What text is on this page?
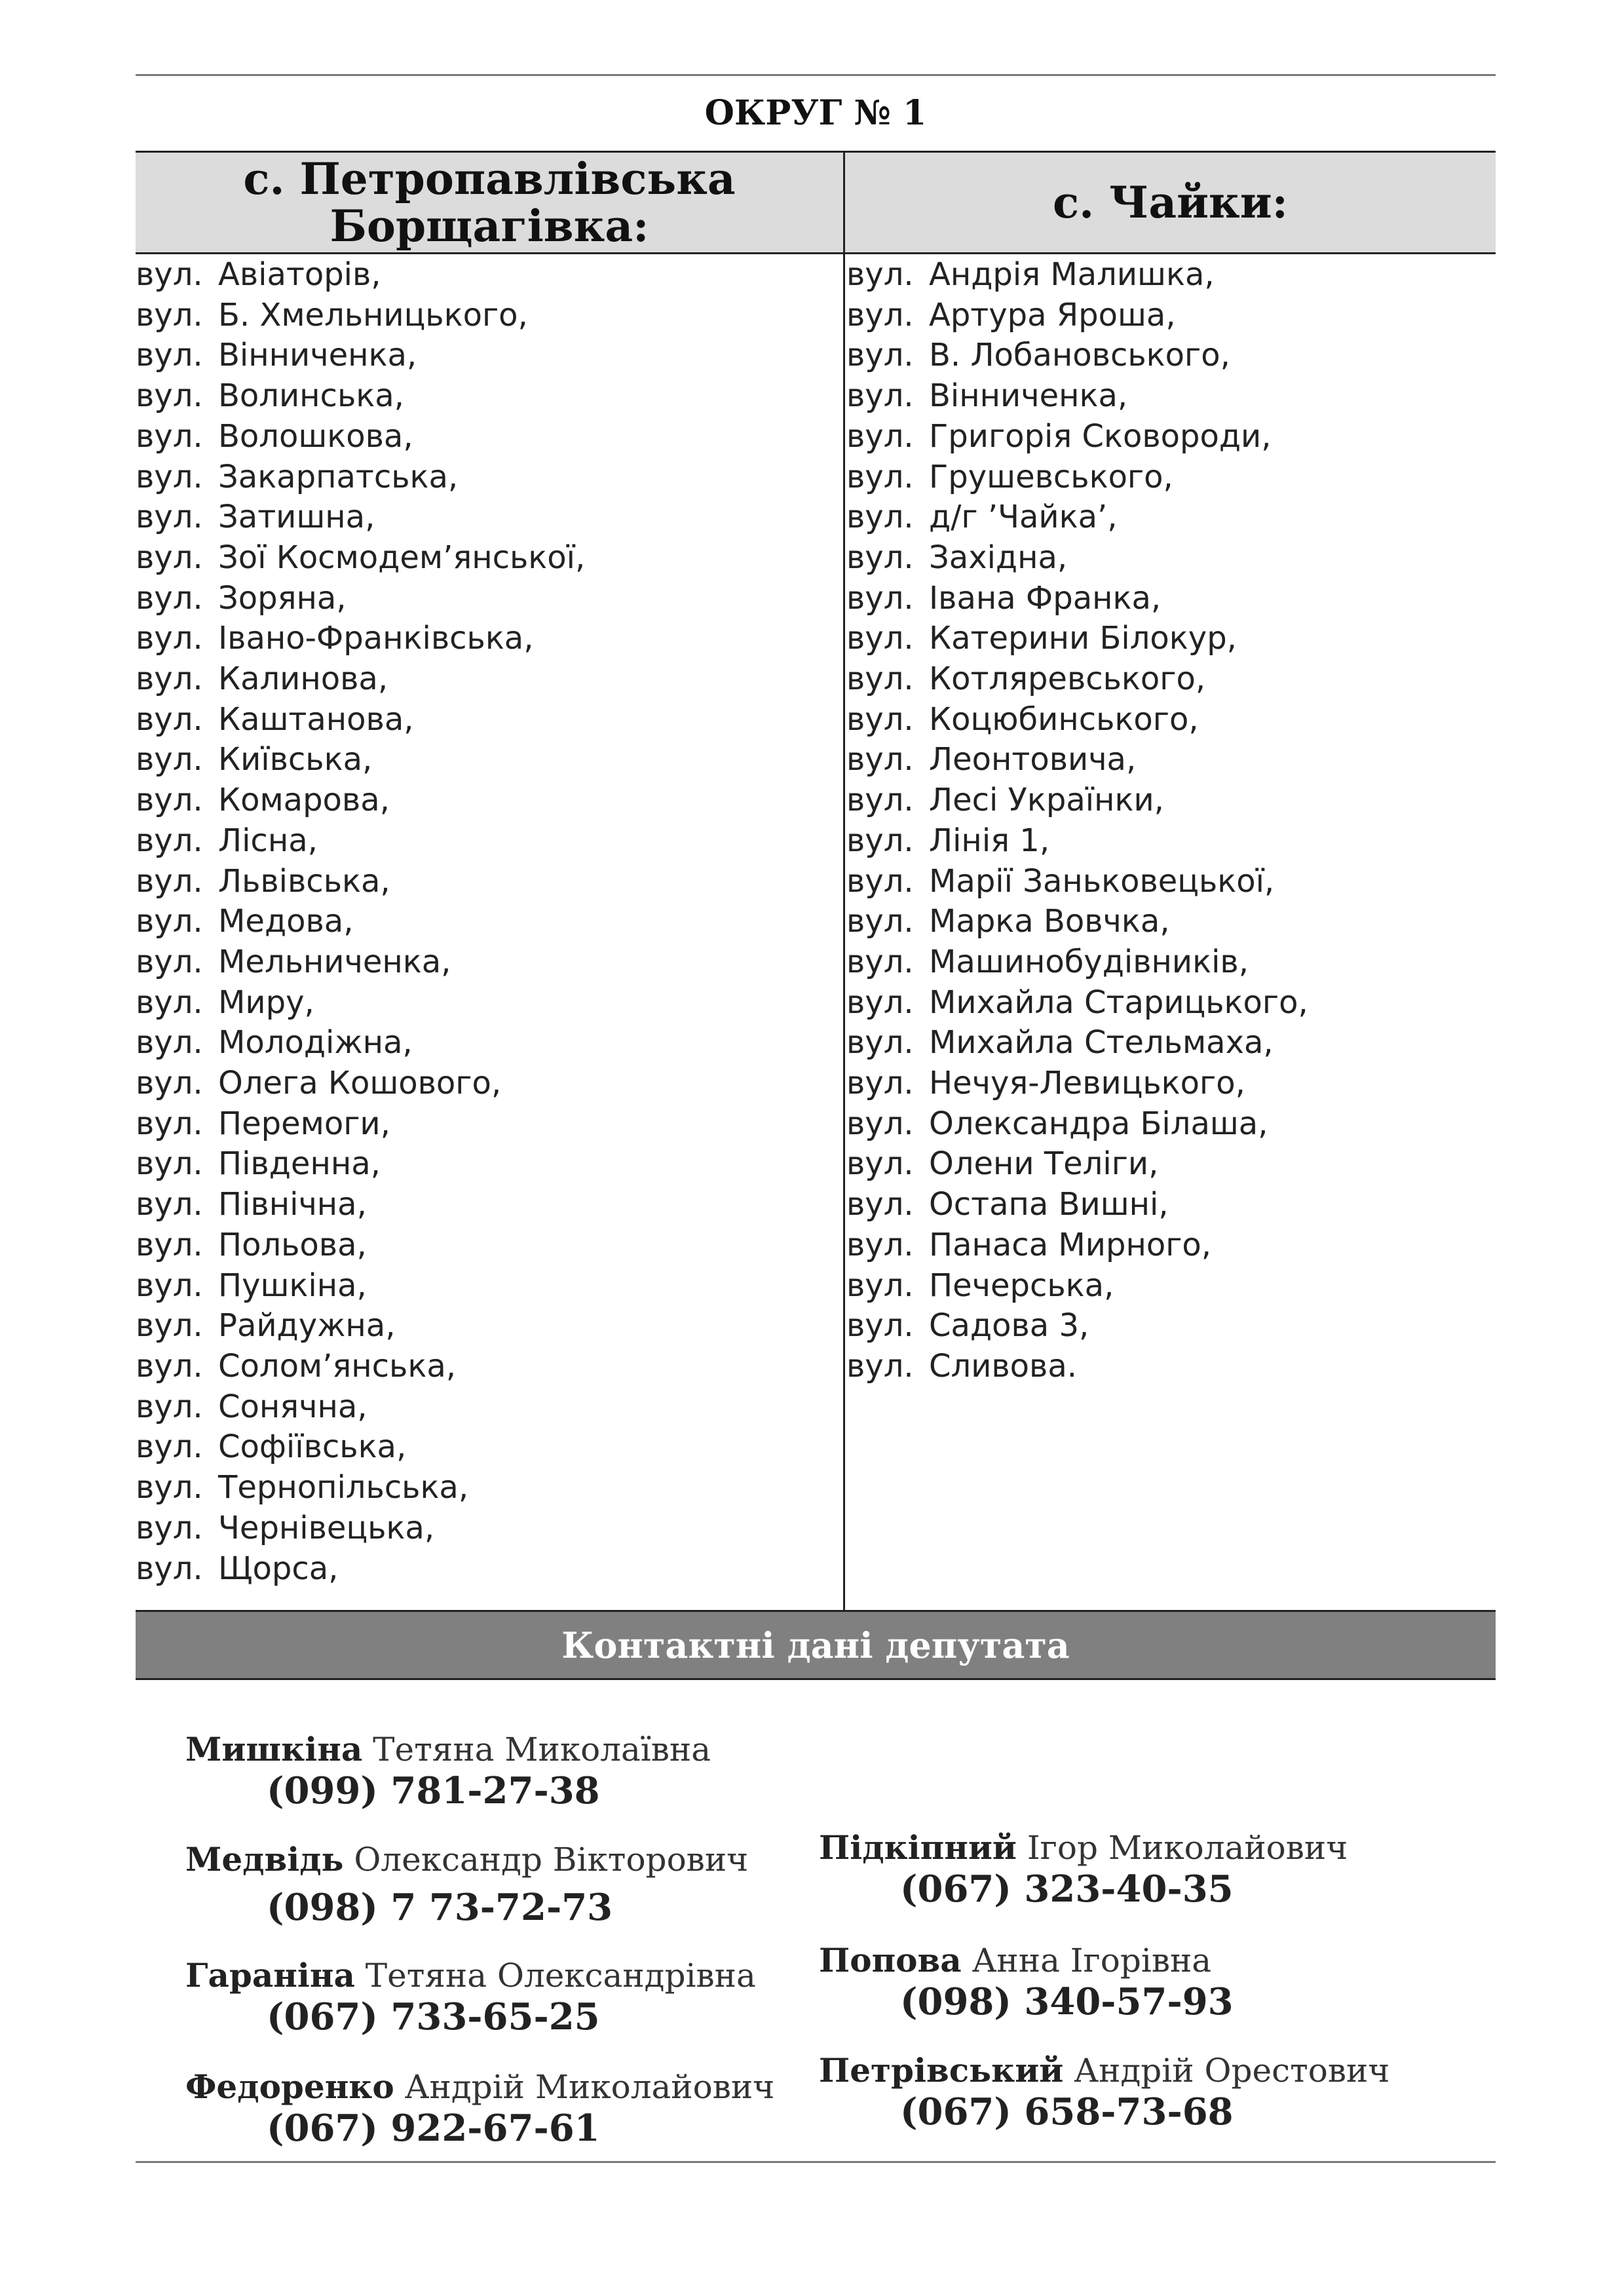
ОКРУГ № 1
с. Петропавлівська Борщагівка:	с. Чайки:
вул. Авіаторів,
вул. Б. Хмельницького,
вул. Вінниченка,
вул. Волинська,
вул. Волошкова,
вул. Закарпатська,
вул. Затишна,
вул. Зої Космодем’янської,
вул. Зоряна,
вул. Івано-Франківська,
вул. Калинова,
вул. Каштанова,
вул. Київська,
вул. Комарова,
вул. Лісна,
вул. Львівська,
вул. Медова,
вул. Мельниченка,
вул. Миру,
вул. Молодіжна,
вул. Олега Кошового,
вул. Перемоги,
вул. Південна,
вул. Північна,
вул. Польова,
вул. Пушкіна,
вул. Райдужна,
вул. Солом’янська,
вул. Сонячна,
вул. Софіївська,
вул. Тернопільська,
вул. Чернівецька,
вул. Щорса,
вул. Андрія Малишка,
вул. Артура Яроша,
вул. В. Лобановського,
вул. Вінниченка,
вул. Григорія Сковороди,
вул. Грушевського,
вул. д/г ’Чайка’,
вул. Західна,
вул. Івана Франка,
вул. Катерини Білокур,
вул. Котляревського,
вул. Коцюбинського,
вул. Леонтовича,
вул. Лесі Українки,
вул. Лінія 1,
вул. Марії Заньковецької,
вул. Марка Вовчка,
вул. Машинобудівників,
вул. Михайла Старицького,
вул. Михайла Стельмаха,
вул. Нечуя-Левицького,
вул. Олександра Білаша,
вул. Олени Теліги,
вул. Остапа Вишні,
вул. Панаса Мирного,
вул. Печерська,
вул. Садова 3,
вул. Сливова.
Контактні дані депутата
Мишкіна Тетяна Миколаївна
(099) 781-27-38
Медвідь Олександр Вікторович
(098) 7 73-72-73
Гараніна Тетяна Олександрівна
(067) 733-65-25
Федоренко Андрій Миколайович
(067) 922-67-61
Підкіпний Ігор Миколайович
(067) 323-40-35
Попова Анна Ігорівна
(098) 340-57-93
Петрівський Андрій Орестович
(067) 658-73-68
